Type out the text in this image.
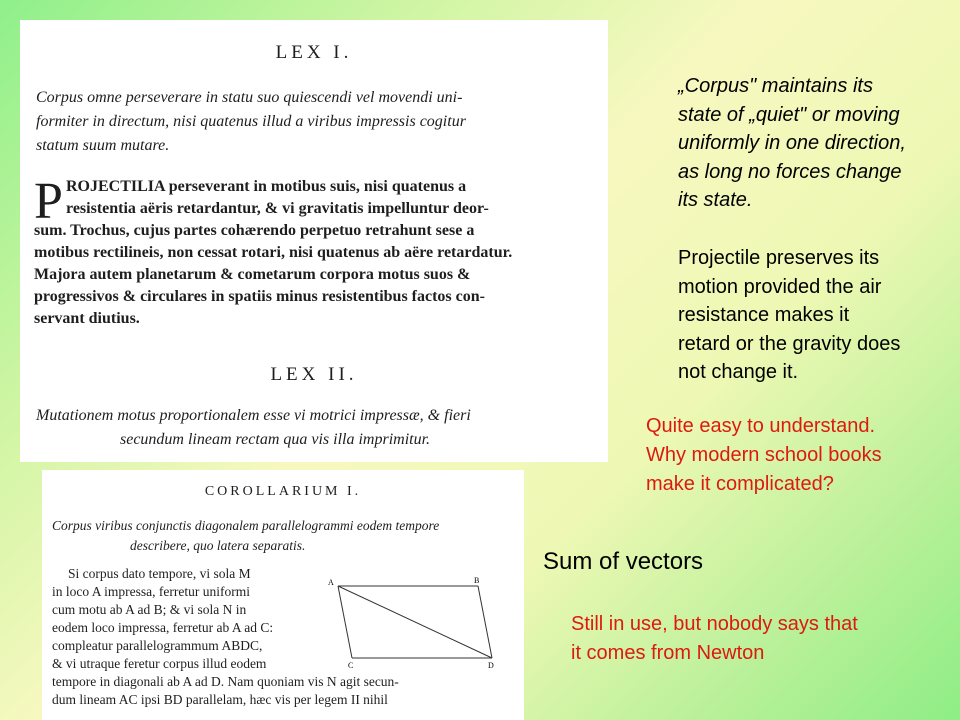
LEX I.
Corpus omne perseverare in statu suo quiescendi vel movendi uni-
formiter in directum, nisi quatenus illud a viribus impressis cogitur
statum suum mutare.
P ROJECTILIA perseverant in motibus suis, nisi quatenus a
resistentia aëris retardantur, & vi gravitatis impelluntur deor-
sum. Trochus, cujus partes cohærendo perpetuo retrahunt sese a
motibus rectilineis, non cessat rotari, nisi quatenus ab aëre retardatur.
Majora autem planetarum & cometarum corpora motus suos &
progressivos & circulares in spatiis minus resistentibus factos con-
servant diutius.
LEX II.
Mutationem motus proportionalem esse vi motrici impressæ, & fieri
secundum lineam rectam qua vis illa imprimitur.
COROLLARIUM I.
Corpus viribus conjunctis diagonalem parallelogrammi eodem tempore
describere, quo latera separatis.
Si corpus dato tempore, vi sola M
in loco A impressa, ferretur uniformi
cum motu ab A ad B; & vi sola N in
eodem loco impressa, ferretur ab A ad C:
compleatur parallelogrammum ABDC,
& vi utraque feretur corpus illud eodem
tempore in diagonali ab A ad D. Nam quoniam vis N agit secun-
dum lineam AC ipsi BD parallelam, hæc vis per legem II nihil
A	B
C	D
„Corpus" maintains its
state of „quiet" or moving
uniformly in one direction,
as long no forces change
its state.
Projectile preserves its
motion provided the air
resistance makes it
retard or the gravity does
not change it.
Quite easy to understand.
Why modern school books
make it complicated?
Sum of vectors
Still in use, but nobody says that
it comes from Newton
